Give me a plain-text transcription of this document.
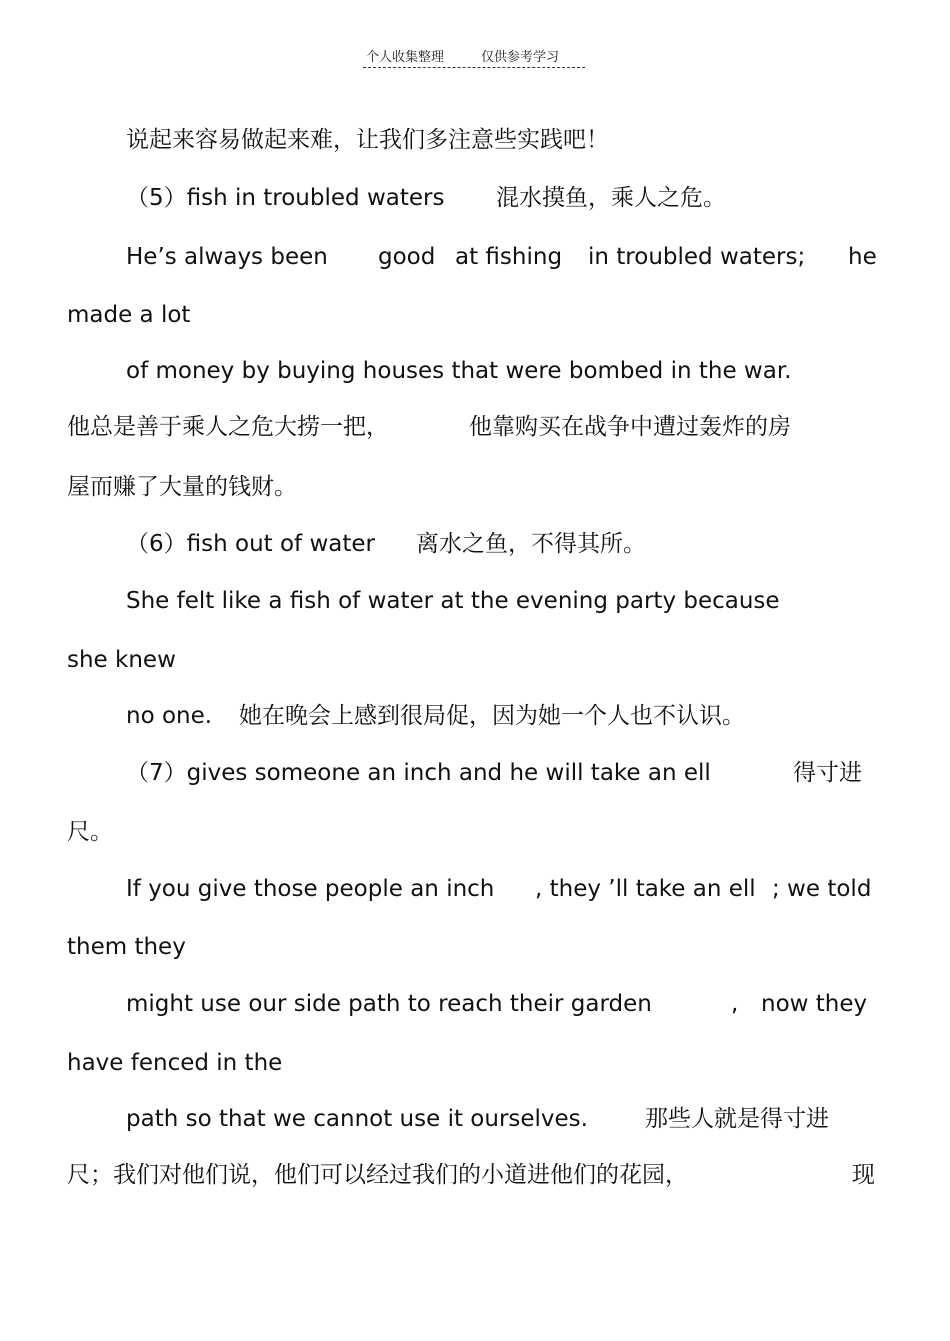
个人收集整理	仅供参考学习
说起来容易做起来难，让我们多注意些实践吧！
（5）fish in troubled waters 混水摸鱼，乘人之危。
He’s always been good at fishing in troubled waters; he
made a lot
of money by buying houses that were bombed in the war.
他总是善于乘人之危大捞一把，	他靠购买在战争中遭过轰炸的房
屋而赚了大量的钱财。
（6）fish out of water 离水之鱼，不得其所。
She felt like a fish of water at the evening party because
she knew
no one. 她在晚会上感到很局促，因为她一个人也不认识。
（7）gives someone an inch and he will take an ell	得寸进
尺。
If you give those people an inch , they ’ll take an ell ; we told
them they
might use our side path to reach their garden	, now they
have fenced in the
path so that we cannot use it ourselves. 那些人就是得寸进
尺；我们对他们说，他们可以经过我们的小道进他们的花园，	现
